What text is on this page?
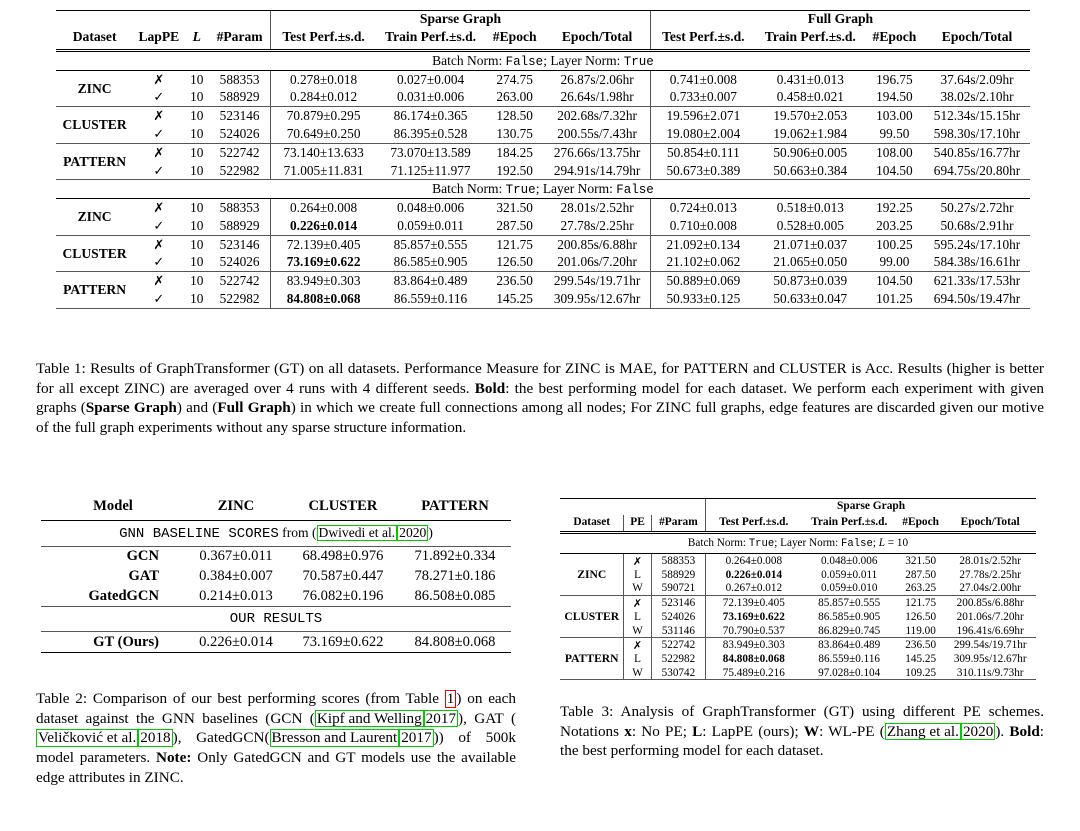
				Sparse Graph				Full Graph			
Dataset	LapPE	L	#Param	Test Perf.±s.d.	Train Perf.±s.d.	#Epoch	Epoch/Total	Test Perf.±s.d.	Train Perf.±s.d.	#Epoch	Epoch/Total
Batch Norm: False; Layer Norm: True											
ZINC	✗	10	588353	0.278±0.018	0.027±0.004	274.75	26.87s/2.06hr	0.741±0.008	0.431±0.013	196.75	37.64s/2.09hr
	✓	10	588929	0.284±0.012	0.031±0.006	263.00	26.64s/1.98hr	0.733±0.007	0.458±0.021	194.50	38.02s/2.10hr
CLUSTER	✗	10	523146	70.879±0.295	86.174±0.365	128.50	202.68s/7.32hr	19.596±2.071	19.570±2.053	103.00	512.34s/15.15hr
	✓	10	524026	70.649±0.250	86.395±0.528	130.75	200.55s/7.43hr	19.080±2.004	19.062±1.984	99.50	598.30s/17.10hr
PATTERN	✗	10	522742	73.140±13.633	73.070±13.589	184.25	276.66s/13.75hr	50.854±0.111	50.906±0.005	108.00	540.85s/16.77hr
	✓	10	522982	71.005±11.831	71.125±11.977	192.50	294.91s/14.79hr	50.673±0.389	50.663±0.384	104.50	694.75s/20.80hr
Batch Norm: True; Layer Norm: False											
ZINC	✗	10	588353	0.264±0.008	0.048±0.006	321.50	28.01s/2.52hr	0.724±0.013	0.518±0.013	192.25	50.27s/2.72hr
	✓	10	588929	0.226±0.014	0.059±0.011	287.50	27.78s/2.25hr	0.710±0.008	0.528±0.005	203.25	50.68s/2.91hr
CLUSTER	✗	10	523146	72.139±0.405	85.857±0.555	121.75	200.85s/6.88hr	21.092±0.134	21.071±0.037	100.25	595.24s/17.10hr
	✓	10	524026	73.169±0.622	86.585±0.905	126.50	201.06s/7.20hr	21.102±0.062	21.065±0.050	99.00	584.38s/16.61hr
PATTERN	✗	10	522742	83.949±0.303	83.864±0.489	236.50	299.54s/19.71hr	50.889±0.069	50.873±0.039	104.50	621.33s/17.53hr
	✓	10	522982	84.808±0.068	86.559±0.116	145.25	309.95s/12.67hr	50.933±0.125	50.633±0.047	101.25	694.50s/19.47hr

Table 1: Results of GraphTransformer (GT) on all datasets. Performance Measure for ZINC is MAE, for PATTERN and CLUSTER is Acc. Results (higher is better for all except ZINC) are averaged over 4 runs with 4 different seeds. Bold: the best performing model for each dataset. We perform each experiment with given graphs (Sparse Graph) and (Full Graph) in which we create full connections among all nodes; For ZINC full graphs, edge features are discarded given our motive of the full graph experiments without any sparse structure information.
Model	ZINC	CLUSTER	PATTERN
GNN BASELINE SCORES from ( Dwivedi et al. 2020 )			
GCN	0.367±0.011	68.498±0.976	71.892±0.334
GAT	0.384±0.007	70.587±0.447	78.271±0.186
GatedGCN	0.214±0.013	76.082±0.196	86.508±0.085
OUR RESULTS			
GT (Ours)	0.226±0.014	73.169±0.622	84.808±0.068

Table 2: Comparison of our best performing scores (from Table 1 ) on each dataset against the GNN baselines (GCN ( Kipf and Welling 2017 ), GAT (Veličković et al. 2018 ), GatedGCN( Bresson and Laurent 2017 )) of 500k model parameters. Note: Only GatedGCN and GT models use the available edge attributes in ZINC.
			Sparse Graph			
Dataset	PE	#Param	Test Perf.±s.d.	Train Perf.±s.d.	#Epoch	Epoch/Total
Batch Norm: True; Layer Norm: False; L = 10						
ZINC	✗	588353	0.264±0.008	0.048±0.006	321.50	28.01s/2.52hr
	L	588929	0.226±0.014	0.059±0.011	287.50	27.78s/2.25hr
	W	590721	0.267±0.012	0.059±0.010	263.25	27.04s/2.00hr
CLUSTER	✗	523146	72.139±0.405	85.857±0.555	121.75	200.85s/6.88hr
	L	524026	73.169±0.622	86.585±0.905	126.50	201.06s/7.20hr
	W	531146	70.790±0.537	86.829±0.745	119.00	196.41s/6.69hr
PATTERN	✗	522742	83.949±0.303	83.864±0.489	236.50	299.54s/19.71hr
	L	522982	84.808±0.068	86.559±0.116	145.25	309.95s/12.67hr
	W	530742	75.489±0.216	97.028±0.104	109.25	310.11s/9.73hr

Table 3: Analysis of GraphTransformer (GT) using different PE schemes. Notations x: No PE; L: LapPE (ours); W: WL-PE ( Zhang et al. 2020 ). Bold: the best performing model for each dataset.
